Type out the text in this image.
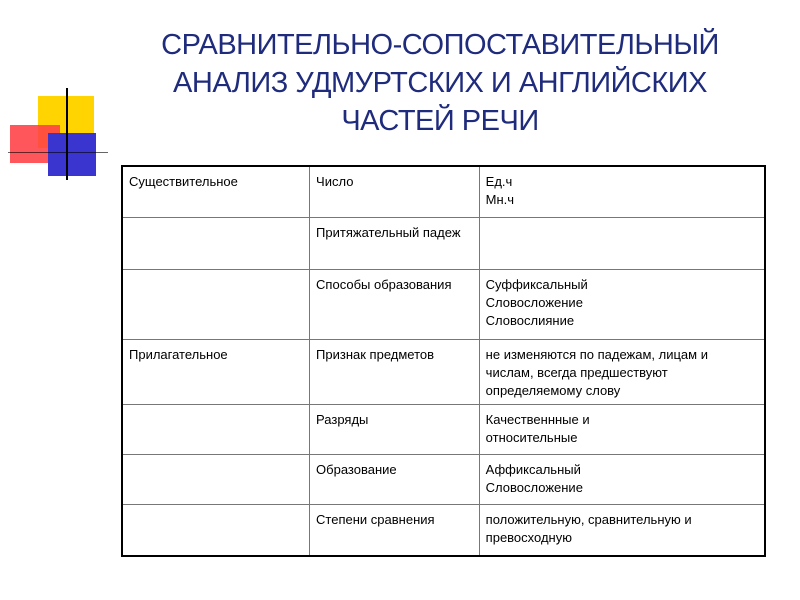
СРАВНИТЕЛЬНО-СОПОСТАВИТЕЛЬНЫЙ
АНАЛИЗ УДМУРТСКИХ И АНГЛИЙСКИХ
ЧАСТЕЙ РЕЧИ
Существительное	Число	Ед.ч
Мн.ч

	Притяжательный падеж	
	Способы образования	Суффиксальный
Словосложение
Словослияние

Прилагательное	Признак предметов	не изменяются по падежам, лицам и числам, всегда предшествуют определяемому слову

	Разряды	Качественнные и
относительные

	Образование	Аффиксальный
Словосложение

	Степени сравнения	положительную, сравнительную и превосходную
